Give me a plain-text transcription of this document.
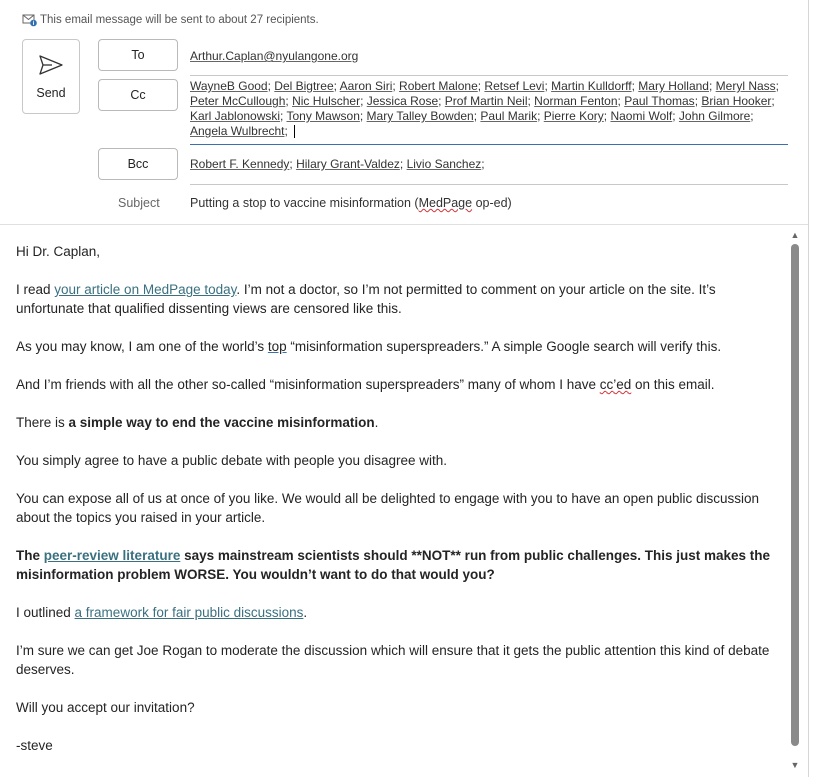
This email message will be sent to about 27 recipients.
Send
To	Arthur.Caplan@nyulangone.org
Cc
WayneB Good; Del Bigtree; Aaron Siri; Robert Malone; Retsef Levi; Martin Kulldorff; Mary Holland; Meryl Nass; Peter McCullough; Nic Hulscher; Jessica Rose; Prof Martin Neil; Norman Fenton; Paul Thomas; Brian Hooker; Karl Jablonowski; Tony Mawson; Mary Talley Bowden; Paul Marik; Pierre Kory; Naomi Wolf; John Gilmore; Angela Wulbrecht;
Bcc	Robert F. Kennedy; Hilary Grant-Valdez; Livio Sanchez;
Subject Putting a stop to vaccine misinformation (MedPage op-ed)

Hi Dr. Caplan,

I read your article on MedPage today. I’m not a doctor, so I’m not permitted to comment on your article on the site. It’s unfortunate that qualified dissenting views are censored like this.

As you may know, I am one of the world’s top “misinformation superspreaders.” A simple Google search will verify this.

And I’m friends with all the other so-called “misinformation superspreaders” many of whom I have cc’ed on this email.

There is a simple way to end the vaccine misinformation.

You simply agree to have a public debate with people you disagree with.

You can expose all of us at once of you like. We would all be delighted to engage with you to have an open public discussion about the topics you raised in your article.

The peer-review literature says mainstream scientists should **NOT** run from public challenges. This just makes the misinformation problem WORSE. You wouldn’t want to do that would you?

I outlined a framework for fair public discussions.

I’m sure we can get Joe Rogan to moderate the discussion which will ensure that it gets the public attention this kind of debate deserves.

Will you accept our invitation?

-steve

▲
▼
